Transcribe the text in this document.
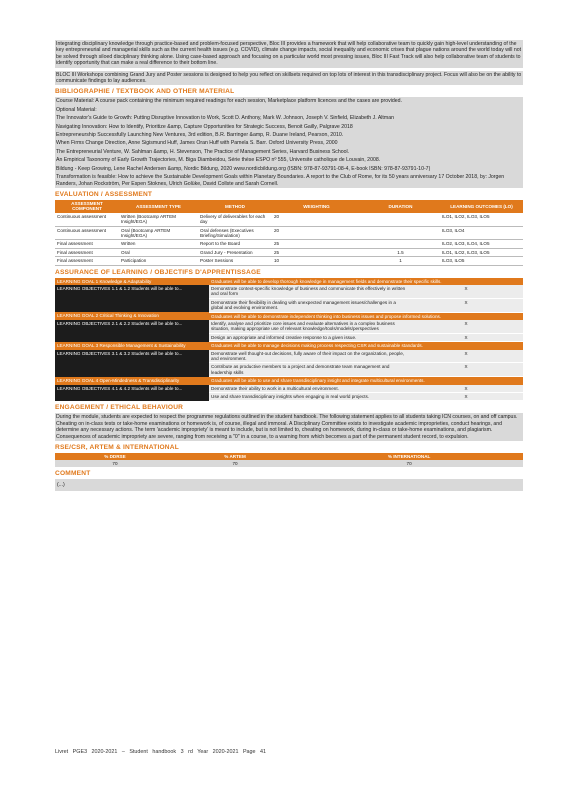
Integrating disciplinary knowledge through practice-based and problem-focused perspective, Bloc III provides a framework that will help collaborative team to quickly gain high-level understanding of the key entrepreneurial and managerial skills such as the current health issues (e.g. COVID), climate change impacts, social inequality and economic crises that plague nations around the world today will not be solved through siloed disciplinary thinking alone. Using case-based approach and focusing on a particular world most pressing issues, Bloc III Fast Track will also help collaborative team of students to identify opportunity that can make a real difference to their bottom line.

BLOC III Workshops combining Grand Jury and Poster sessions is designed to help you reflect on skillsets required on top lots of interest in this transdisciplinary project. Focus will also be on the ability to communicate findings to lay audiences.

BIBLIOGRAPHIE / TEXTBOOK AND OTHER MATERIAL

Course Material: A course pack containing the minimum required readings for each session, Marketplace platform licences and the cases are provided.

Optional Material:

The Innovator's Guide to Growth: Putting Disruptive Innovation to Work, Scott D. Anthony, Mark W. Johnson, Joseph V. Sinfield, Elizabeth J. Altman

Navigating Innovation: How to Identify, Prioritize &amp, Capture Opportunities for Strategic Success, Benoit Gailly, Palgrave 2018

Entrepreneurship Successfully Launching New Ventures, 3rd edition, B.R. Barringer &amp, R. Duane Ireland, Pearson, 2010.

When Firms Change Direction, Anne Sigismund Huff, James Oran Huff with Pamela S. Barr. Oxford University Press, 2000

The Entrepreneurial Venture, W. Sahlman &amp, H. Stevenson, The Practice of Management Series, Harvard Business School.

An Empirical Taxonomy of Early Growth Trajectories, M. Biga Diambeidou, Série thèse ESPO nº 555, Universite catholique de Louvain, 2008.

Bildung - Keep Growing, Lene Rachel Andersen &amp, Nordic Bildung, 2020 www.nordicbildung.org (ISBN: 978-87-93791-08-4, E-book ISBN: 978-87-93791-10-7)

Transformation is feasible: How to achieve the Sustainable Development Goals within Planetary Boundaries. A report to the Club of Rome, for its 50 years anniversary 17 October 2018, by: Jorgen Randers, Johan Rockström, Per Espen Stoknes, Ulrich Golüke, David Collste and Sarah Cornell.

EVALUATION / ASSESSMENT
ASSESSMENT COMPONENT	ASSESSMENT TYPE	METHOD	WEIGHTING	DURATION	LEARNING OUTCOMES (LO)
Continuous assessment	Written (Bootcamp ARTEM Insight/EGA)	Delivery of deliverables for each day	20		ILO1, ILO2, ILO3, ILO5
Continuous assessment	Oral (Bootcamp ARTEM Insight/EGA)	Oral defenses (Executives Briefing/Simulation)	20		ILO3, ILO4
Final assessment	Written	Report to the Board	25		ILO2, ILO3, ILO4, ILO5
Final assessment	Oral	Grand Jury - Presentation	25	1.5	ILO1, ILO2, ILO3, ILO5
Final assessment	Participation	Poster Sessions	10	1	ILO3, ILO5
ASSURANCE OF LEARNING / OBJECTIFS D'APPRENTISSAGE
LEARNING GOAL 1 Knowledge & Adaptability	Graduates will be able to develop thorough knowledge in management fields and demonstrate their specific skills.	
LEARNING OBJECTIVES 1.1 & 1.2 Students will be able to...	Demonstrate context-specific knowledge of business and communicate this effectively in written and oral form	X
	Demonstrate their flexibility in dealing with unexpected management issues/challenges in a global and evolving environment.	X
LEARNING GOAL 2 Critical Thinking & Innovation	Graduates will be able to demonstrate independent thinking into business issues and propose informed solutions.	
LEARNING OBJECTIVES 2.1 & 2.2 Students will be able to...	Identify, analyse and prioritize core issues and evaluate alternatives in a complex business situation, making appropriate use of relevant knowledge/tools/models/perspectives	X
	Design an appropriate and informed creative response to a given issue.	X
LEARNING GOAL 3 Responsible Management & Sustainability	Graduates will be able to manage decisions making process respecting CSR and sustainable standards.	
LEARNING OBJECTIVES 3.1 & 3.2 Students will be able to...	Demonstrate well thought-out decisions, fully aware of their impact on the organization, people, and environment.	X
	Contribute as productive members to a project and demonstrate team management and leadership skills	X
LEARNING GOAL 4 Open-Mindedness & Transdisciplinarity	Graduates will be able to use and share transdisciplinary insight and integrate multicultural environments.	
LEARNING OBJECTIVES 4.1 & 4.2 Students will be able to...	Demonstrate their ability to work in a multicultural environment.	X
	Use and share transdisciplinary insights when engaging in real world projects.	X
ENGAGEMENT / ETHICAL BEHAVIOUR

During the module, students are expected to respect the programme regulations outlined in the student handbook. The following statement applies to all students taking ICN courses, on and off campus. Cheating on in-class tests or take-home examinations or homework is, of course, illegal and immoral. A Disciplinary Committee exists to investigate academic improprieties, conduct hearings, and determine any necessary actions. The term 'academic impropriety' is meant to include, but is not limited to, cheating on homework, during in-class or take-home examinations, and plagiarism. Consequences of academic impropriety are severe, ranging from receiving a "0" in a course, to a warning from which becomes a part of the permanent student record, to expulsion.

RSE/CSR, ARTEM & INTERNATIONAL
% DDRSE	% ARTEM	% INTERNATIONAL
70	70	70
COMMENT
(...)
Livret PGE3 2020-2021 – Student handbook 3 rd Year 2020-2021 Page 41
